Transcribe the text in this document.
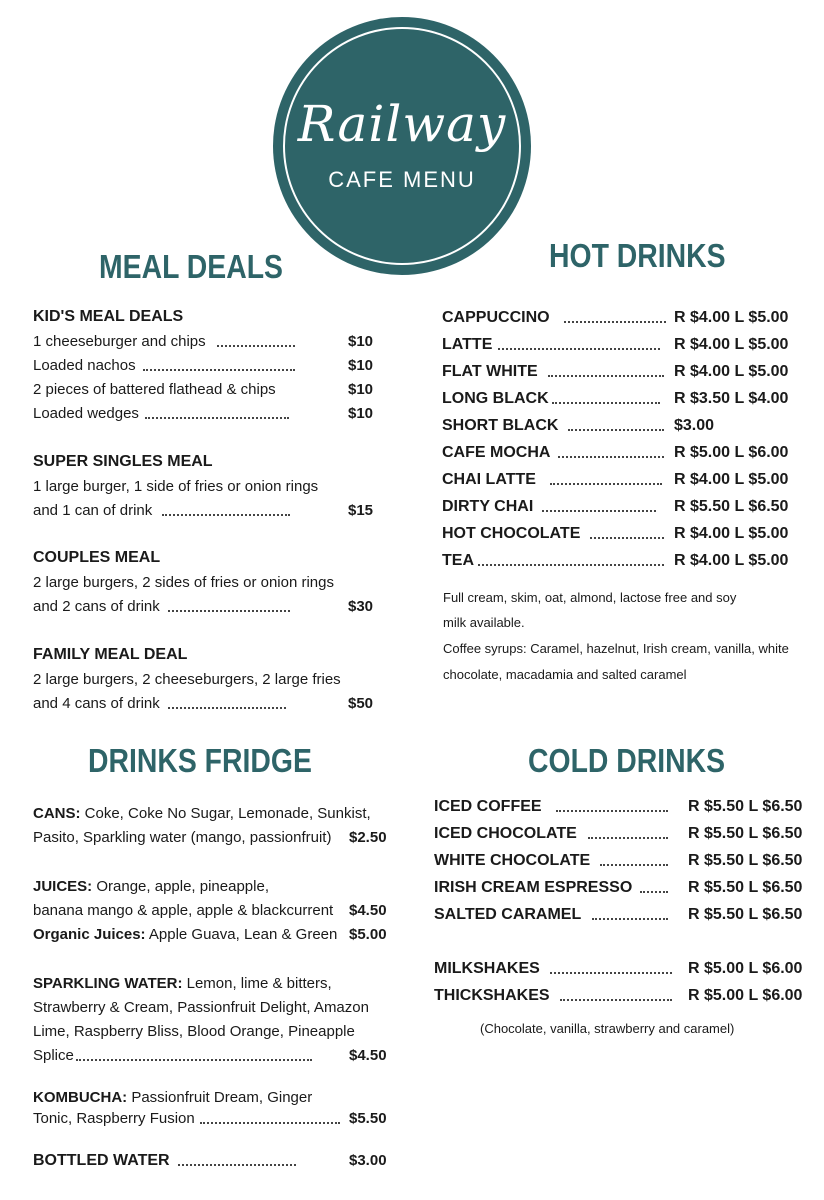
Railway
CAFE MENU
MEAL DEALS
KID'S MEAL DEALS
1 cheeseburger and chips	$10
Loaded nachos	$10
2 pieces of battered flathead & chips	$10
Loaded wedges	$10
SUPER SINGLES MEAL
1 large burger, 1 side of fries or onion rings
and 1 can of drink	$15
COUPLES MEAL
2 large burgers, 2 sides of fries or onion rings
and 2 cans of drink	$30
FAMILY MEAL DEAL
2 large burgers, 2 cheeseburgers, 2 large fries
and 4 cans of drink	$50
HOT DRINKS
CAPPUCCINO	R $4.00 L $5.00
LATTE	R $4.00 L $5.00
FLAT WHITE	R $4.00 L $5.00
LONG BLACK	R $3.50 L $4.00
SHORT BLACK	$3.00
CAFE MOCHA	R $5.00 L $6.00
CHAI LATTE	R $4.00 L $5.00
DIRTY CHAI	R $5.50 L $6.50
HOT CHOCOLATE	R $4.00 L $5.00
TEA	R $4.00 L $5.00
Full cream, skim, oat, almond, lactose free and soy
milk available.
Coffee syrups: Caramel, hazelnut, Irish cream, vanilla, white
chocolate, macadamia and salted caramel
DRINKS FRIDGE
CANS: Coke, Coke No Sugar, Lemonade, Sunkist,
Pasito, Sparkling water (mango, passionfruit) $2.50
JUICES: Orange, apple, pineapple,
banana mango & apple, apple & blackcurrent $4.50
Organic Juices: Apple Guava, Lean & Green $5.00
SPARKLING WATER: Lemon, lime & bitters,
Strawberry & Cream, Passionfruit Delight, Amazon
Lime, Raspberry Bliss, Blood Orange, Pineapple
Splice	$4.50
KOMBUCHA: Passionfruit Dream, Ginger
Tonic, Raspberry Fusion	$5.50
BOTTLED WATER	$3.00
COLD DRINKS
ICED COFFEE	R $5.50 L $6.50
ICED CHOCOLATE	R $5.50 L $6.50
WHITE CHOCOLATE	R $5.50 L $6.50
IRISH CREAM ESPRESSO	R $5.50 L $6.50
SALTED CARAMEL	R $5.50 L $6.50
MILKSHAKES	R $5.00 L $6.00
THICKSHAKES	R $5.00 L $6.00
(Chocolate, vanilla, strawberry and caramel)
